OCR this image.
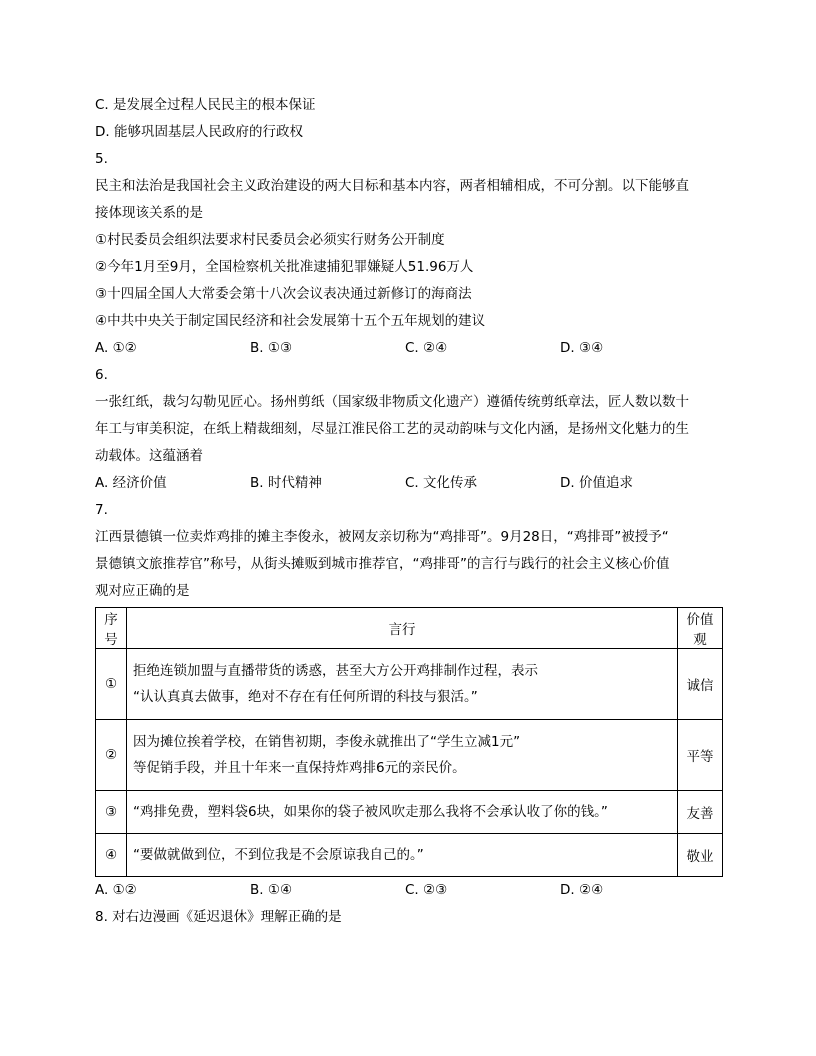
C. 是发展全过程人民民主的根本保证
D. 能够巩固基层人民政府的行政权
5.
民主和法治是我国社会主义政治建设的两大目标和基本内容，两者相辅相成，不可分割。以下能够直
接体现该关系的是
①村民委员会组织法要求村民委员会必须实行财务公开制度
②今年1月至9月，全国检察机关批准逮捕犯罪嫌疑人51.96万人
③十四届全国人大常委会第十八次会议表决通过新修订的海商法
④中共中央关于制定国民经济和社会发展第十五个五年规划的建议
A. ①②	B. ①③	C. ②④	D. ③④
6.
一张红纸，裁匀勾勒见匠心。扬州剪纸（国家级非物质文化遗产）遵循传统剪纸章法，匠人数以数十
年工与审美积淀，在纸上精裁细刻，尽显江淮民俗工艺的灵动韵味与文化内涵，是扬州文化魅力的生
动载体。这蕴涵着
A. 经济价值	B. 时代精神	C. 文化传承	D. 价值追求
7.
江西景德镇一位卖炸鸡排的摊主李俊永，被网友亲切称为“鸡排哥”。9月28日，“鸡排哥”被授予“
景德镇文旅推荐官”称号，从街头摊贩到城市推荐官，“鸡排哥”的言行与践行的社会主义核心价值
观对应正确的是
序号	言行	价值观
①	拒绝连锁加盟与直播带货的诱惑，甚至大方公开鸡排制作过程，表示
“认认真真去做事，绝对不存在有任何所谓的科技与狠活。”	诚信
②	因为摊位挨着学校，在销售初期，李俊永就推出了“学生立减1元”
等促销手段，并且十年来一直保持炸鸡排6元的亲民价。	平等
③	“鸡排免费，塑料袋6块，如果你的袋子被风吹走那么我将不会承认收了你的钱。”	友善
④	“要做就做到位，不到位我是不会原谅我自己的。”	敬业
A. ①②	B. ①④	C. ②③	D. ②④
8. 对右边漫画《延迟退休》理解正确的是
